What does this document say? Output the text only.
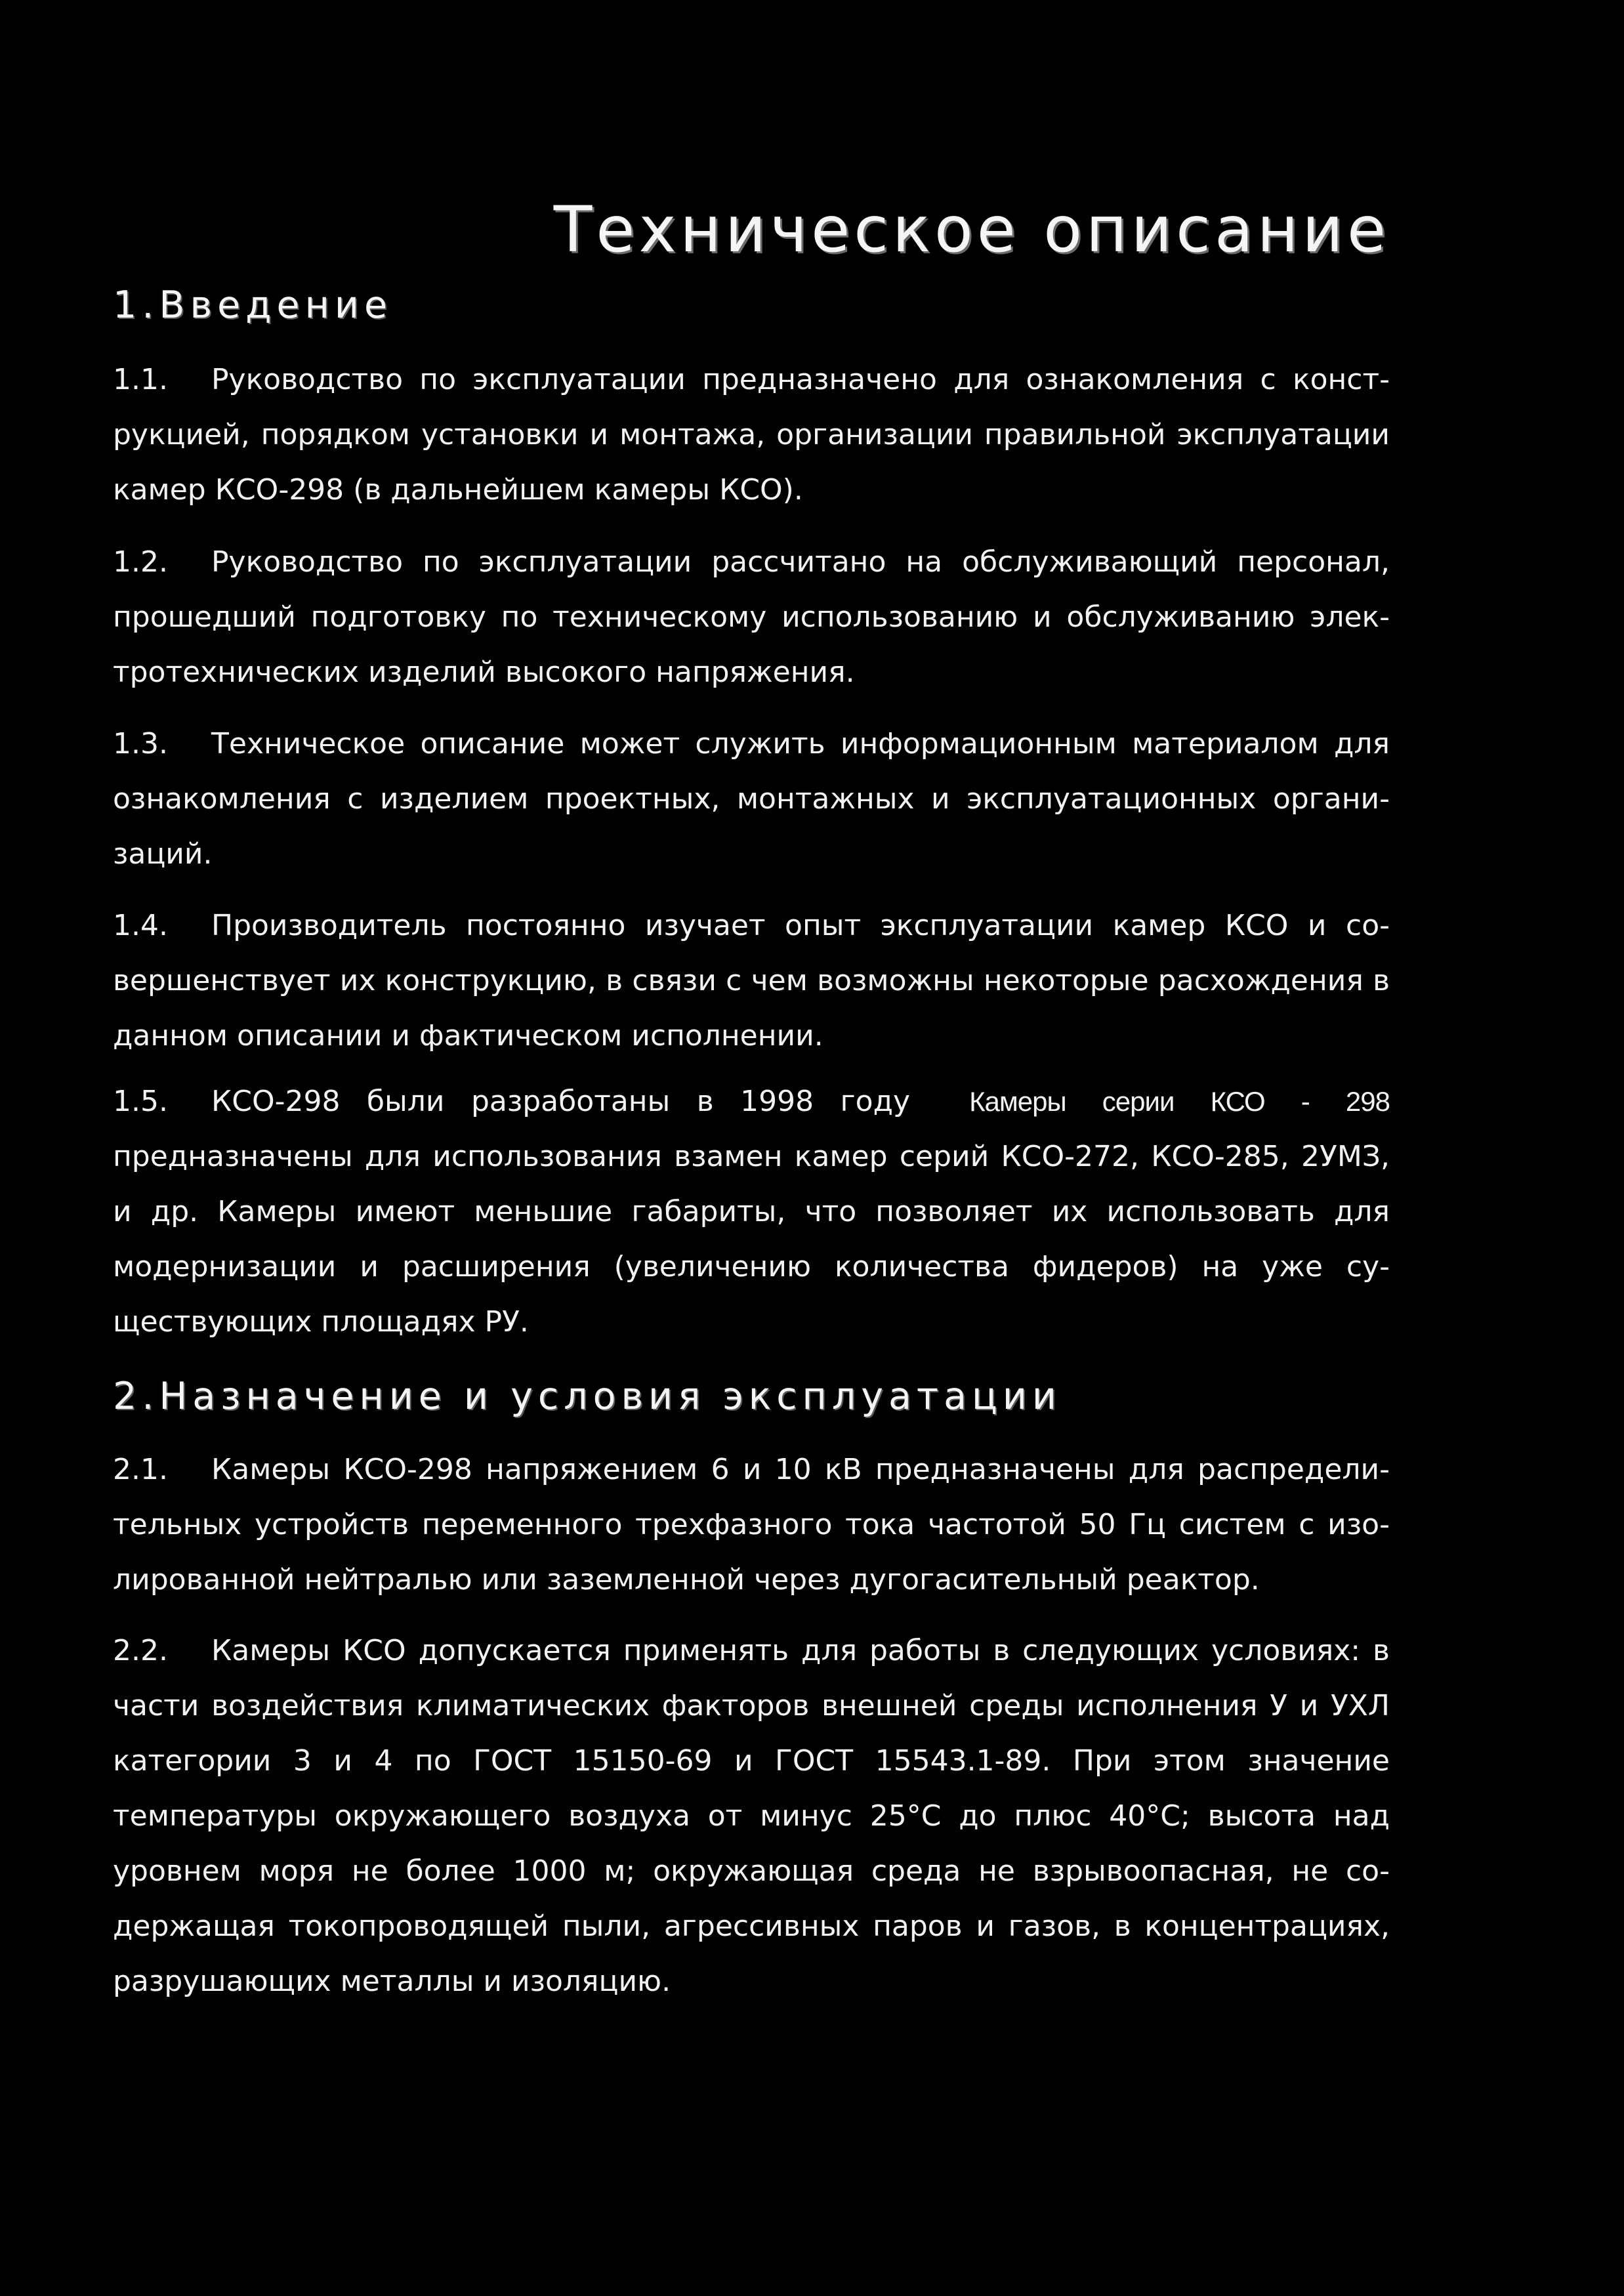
Техническое описание
1.Введение

1.1. Руководство по эксплуатации предназначено для ознакомления с конструкцией, порядком установки и монтажа, организации правильной эксплуатации камер КСО-298 (в дальнейшем камеры КСО).

1.2. Руководство по эксплуатации рассчитано на обслуживающий персонал, прошедший подготовку по техническому использованию и обслуживанию электротехнических изделий высокого напряжения.

1.3. Техническое описание может служить информационным материалом для ознакомления с изделием проектных, монтажных и эксплуатационных организаций.

1.4. Производитель постоянно изучает опыт эксплуатации камер КСО и совершенствует их конструкцию, в связи с чем возможны некоторые расхождения в данном описании и фактическом исполнении.

1.5. КСО-298 были разработаны в 1998 году Камеры серии КСО - 298 предназначены для использования взамен камер серий КСО-272, КСО-285, 2УМЗ, и др. Камеры имеют меньшие габариты, что позволяет их использовать для модернизации и расширения (увеличению количества фидеров) на уже существующих площадях РУ.

2.Назначение и условия эксплуатации

2.1. Камеры КСО-298 напряжением 6 и 10 кВ предназначены для распределительных устройств переменного трехфазного тока частотой 50 Гц систем с изолированной нейтралью или заземленной через дугогасительный реактор.

2.2. Камеры КСО допускается применять для работы в следующих условиях: в части воздействия климатических факторов внешней среды исполнения У и УХЛ категории 3 и 4 по ГОСТ 15150-69 и ГОСТ 15543.1-89. При этом значение температуры окружающего воздуха от минус 25°С до плюс 40°С; высота над уровнем моря не более 1000 м; окружающая среда не взрывоопасная, не содержащая токопроводящей пыли, агрессивных паров и газов, в концентрациях, разрушающих металлы и изоляцию.
